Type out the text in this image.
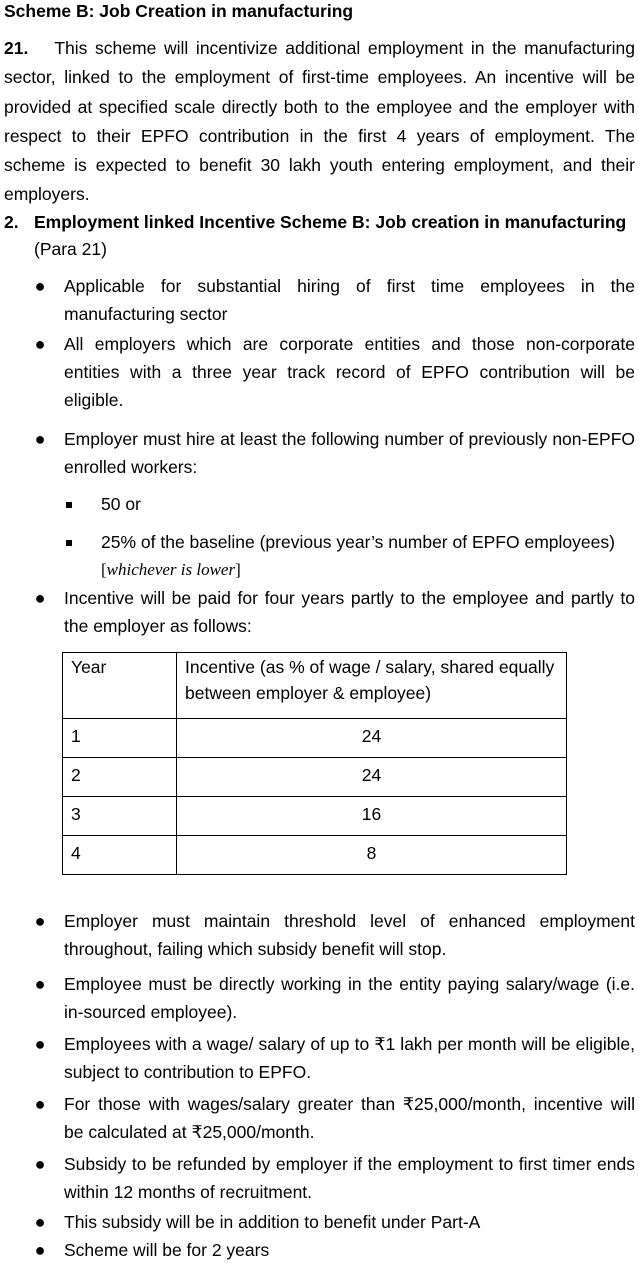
Scheme B: Job Creation in manufacturing
21. This scheme will incentivize additional employment in the manufacturing sector, linked to the employment of first-time employees. An incentive will be provided at specified scale directly both to the employee and the employer with respect to their EPFO contribution in the first 4 years of employment. The scheme is expected to benefit 30 lakh youth entering employment, and their employers.
2. Employment linked Incentive Scheme B: Job creation in manufacturing
(Para 21)
● Applicable for substantial hiring of first time employees in the manufacturing sector
● All employers which are corporate entities and those non-corporate entities with a three year track record of EPFO contribution will be eligible.
● Employer must hire at least the following number of previously non-EPFO enrolled workers:
50 or
25% of the baseline (previous year’s number of EPFO employees)
[whichever is lower]
● Incentive will be paid for four years partly to the employee and partly to the employer as follows:
Year	Incentive (as % of wage / salary, shared equally between employer & employee)
1	24
2	24
3	16
4	8
● Employer must maintain threshold level of enhanced employment throughout, failing which subsidy benefit will stop.
● Employee must be directly working in the entity paying salary/wage (i.e. in-sourced employee).
● Employees with a wage/ salary of up to ₹1 lakh per month will be eligible, subject to contribution to EPFO.
● For those with wages/salary greater than ₹25,000/month, incentive will be calculated at ₹25,000/month.
● Subsidy to be refunded by employer if the employment to first timer ends within 12 months of recruitment.
● This subsidy will be in addition to benefit under Part-A
● Scheme will be for 2 years
